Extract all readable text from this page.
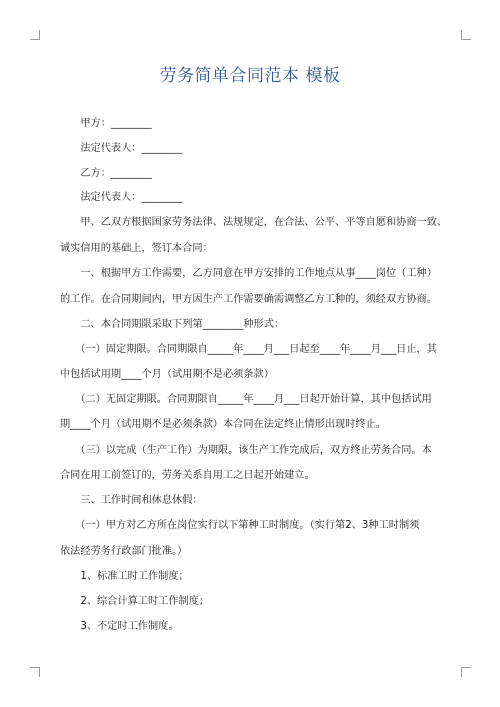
劳务简单合同范本 模板
　　甲方：________
　　法定代表人：________
　　乙方：________
　　法定代表人：________
　　甲、乙双方根据国家劳务法律、法规规定，在合法、公平、平等自愿和协商一致、
诚实信用的基础上，签订本合同：
　　一、根据甲方工作需要，乙方同意在甲方安排的工作地点从事____岗位（工种）
的工作。在合同期间内，甲方因生产工作需要确需调整乙方工种的，须经双方协商。
　　二、本合同期限采取下列第________种形式：
　　（一）固定期限。合同期限自_____年____月___日起至____年____月___日止，其
中包括试用期____个月（试用期不是必须条款）
　　（二）无固定期限。合同期限自_____年____月___日起开始计算，其中包括试用
期____个月（试用期不是必须条款）本合同在法定终止情形出现时终止。
　　（三）以完成（生产工作）为期限。该生产工作完成后，双方终止劳务合同。本
合同在用工前签订的，劳务关系自用工之日起开始建立。
　　三、工作时间和休息休假：
　　（一）甲方对乙方所在岗位实行以下第种工时制度。（实行第2、3种工时制须
依法经劳务行政部门批准。）
　　1、标准工时工作制度；
　　2、综合计算工时工作制度；
　　3、不定时工作制度。
